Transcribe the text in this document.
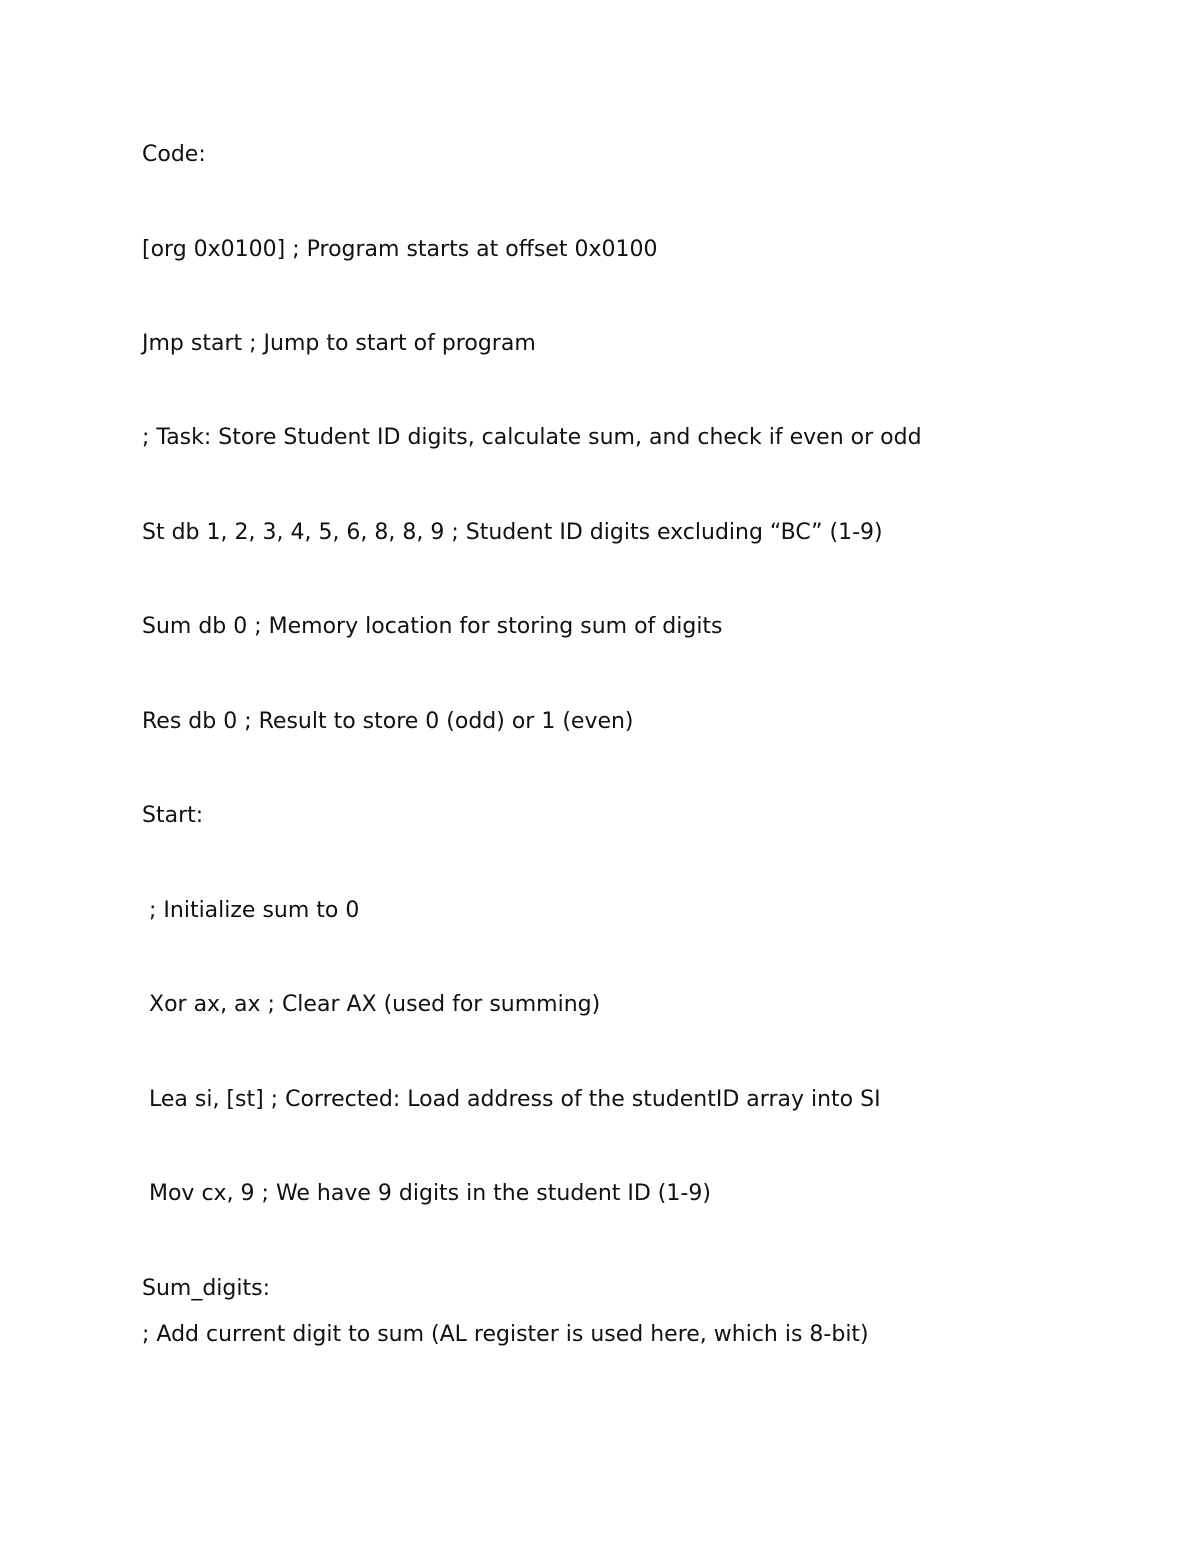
Code:

[org 0x0100] ; Program starts at offset 0x0100

Jmp start ; Jump to start of program

; Task: Store Student ID digits, calculate sum, and check if even or odd

St db 1, 2, 3, 4, 5, 6, 8, 8, 9 ; Student ID digits excluding “BC” (1-9)

Sum db 0 ; Memory location for storing sum of digits

Res db 0 ; Result to store 0 (odd) or 1 (even)

Start:

; Initialize sum to 0

Xor ax, ax ; Clear AX (used for summing)

Lea si, [st] ; Corrected: Load address of the studentID array into SI

Mov cx, 9 ; We have 9 digits in the student ID (1-9)

Sum_digits:

; Add current digit to sum (AL register is used here, which is 8-bit)
